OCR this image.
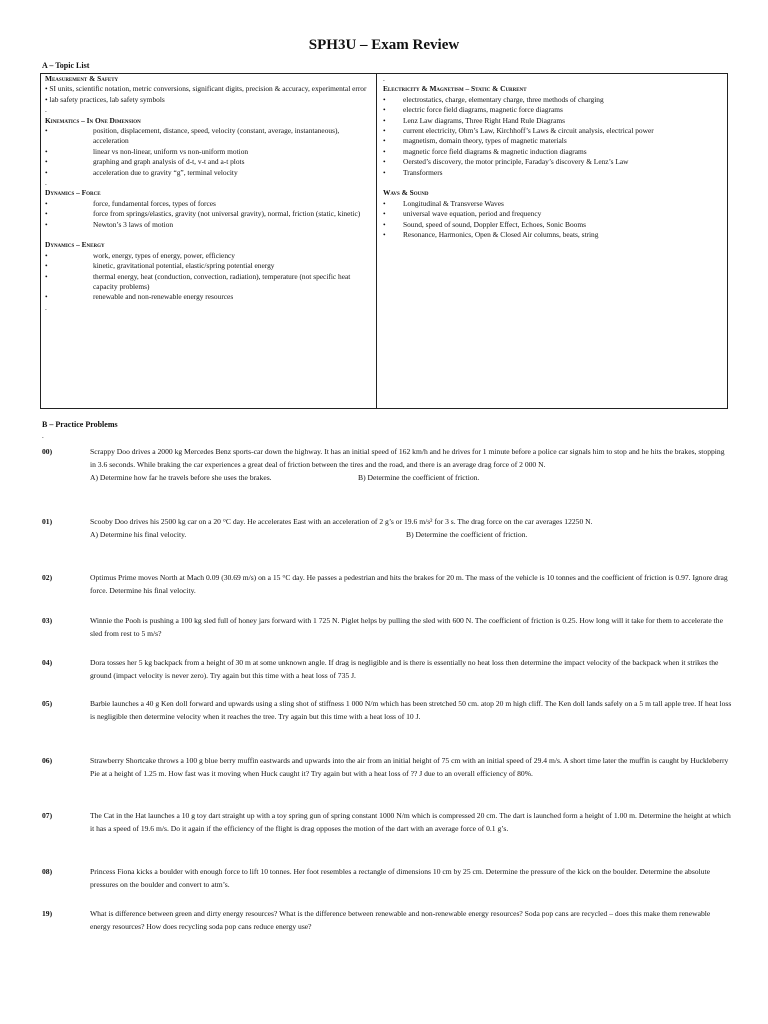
SPH3U – Exam Review
A – Topic List
Measurement & Safety
• SI units, scientific notation, metric conversions, significant digits, precision & accuracy, experimental error
• lab safety practices, lab safety symbols
.
Kinematics – In One Dimension
•	position, displacement, distance, speed, velocity (constant, average, instantaneous), acceleration
•	linear vs non-linear, uniform vs non-uniform motion
•	graphing and graph analysis of d-t, v-t and a-t plots
•	acceleration due to gravity “g”, terminal velocity
.
Dynamics – Force
•	force, fundamental forces, types of forces
•	force from springs/elastics, gravity (not universal gravity), normal, friction (static, kinetic)
•	Newton’s 3 laws of motion
Dynamics – Energy
•	work, energy, types of energy, power, efficiency
•	kinetic, gravitational potential, elastic/spring potential energy
•	thermal energy, heat (conduction, convection, radiation), temperature (not specific heat capacity problems)
•	renewable and non-renewable energy resources
.
.
Electricity & Magnetism – Static & Current
•	electrostatics, charge, elementary charge, three methods of charging
•	electric force field diagrams, magnetic force diagrams
•	Lenz Law diagrams, Three Right Hand Rule Diagrams
•	current electricity, Ohm’s Law, Kirchhoff’s Laws & circuit analysis, electrical power
•	magnetism, domain theory, types of magnetic materials
•	magnetic force field diagrams & magnetic induction diagrams
•	Oersted’s discovery, the motor principle, Faraday’s discovery & Lenz’s Law
•	Transformers
Wavs & Sound
•	Longitudinal & Transverse Waves
•	universal wave equation, period and frequency
•	Sound, speed of sound, Doppler Effect, Echoes, Sonic Booms
•	Resonance, Harmonics, Open & Closed Air columns, beats, string
B – Practice Problems
.
00)	Scrappy Doo drives a 2000 kg Mercedes Benz sports-car down the highway. It has an initial speed of 162 km/h and he drives for 1 minute before a police car signals him to stop and he hits the brakes, stopping in 3.6 seconds. While braking the car experiences a great deal of friction between the tires and the road, and there is an average drag force of 2 000 N.
A) Determine how far he travels before she uses the brakes.	B) Determine the coefficient of friction.
01)	Scooby Doo drives his 2500 kg car on a 20 °C day. He accelerates East with an acceleration of 2 g’s or 19.6 m/s² for 3 s. The drag force on the car averages 12250 N.
A) Determine his final velocity.	B) Determine the coefficient of friction.
02)	Optimus Prime moves North at Mach 0.09 (30.69 m/s) on a 15 °C day. He passes a pedestrian and hits the brakes for 20 m. The mass of the vehicle is 10 tonnes and the coefficient of friction is 0.97. Ignore drag force. Determine his final velocity.
03)	Winnie the Pooh is pushing a 100 kg sled full of honey jars forward with 1 725 N. Piglet helps by pulling the sled with 600 N. The coefficient of friction is 0.25. How long will it take for them to accelerate the sled from rest to 5 m/s?
04)	Dora tosses her 5 kg backpack from a height of 30 m at some unknown angle. If drag is negligible and is there is essentially no heat loss then determine the impact velocity of the backpack when it strikes the ground (impact velocity is never zero). Try again but this time with a heat loss of 735 J.
05)	Barbie launches a 40 g Ken doll forward and upwards using a sling shot of stiffness 1 000 N/m which has been stretched 50 cm. atop 20 m high cliff. The Ken doll lands safely on a 5 m tall apple tree. If heat loss is negligible then determine velocity when it reaches the tree. Try again but this time with a heat loss of 10 J.
06)	Strawberry Shortcake throws a 100 g blue berry muffin eastwards and upwards into the air from an initial height of 75 cm with an initial speed of 29.4 m/s. A short time later the muffin is caught by Huckleberry Pie at a height of 1.25 m. How fast was it moving when Huck caught it? Try again but with a heat loss of ?? J due to an overall efficiency of 80%.
07)	The Cat in the Hat launches a 10 g toy dart straight up with a toy spring gun of spring constant 1000 N/m which is compressed 20 cm. The dart is launched form a height of 1.00 m. Determine the height at which it has a speed of 19.6 m/s. Do it again if the efficiency of the flight is drag opposes the motion of the dart with an average force of 0.1 g’s.
08)	Princess Fiona kicks a boulder with enough force to lift 10 tonnes. Her foot resembles a rectangle of dimensions 10 cm by 25 cm. Determine the pressure of the kick on the boulder. Determine the absolute pressures on the boulder and convert to atm’s.
19)	What is difference between green and dirty energy resources? What is the difference between renewable and non-renewable energy resources? Soda pop cans are recycled – does this make them renewable energy resources? How does recycling soda pop cans reduce energy use?
